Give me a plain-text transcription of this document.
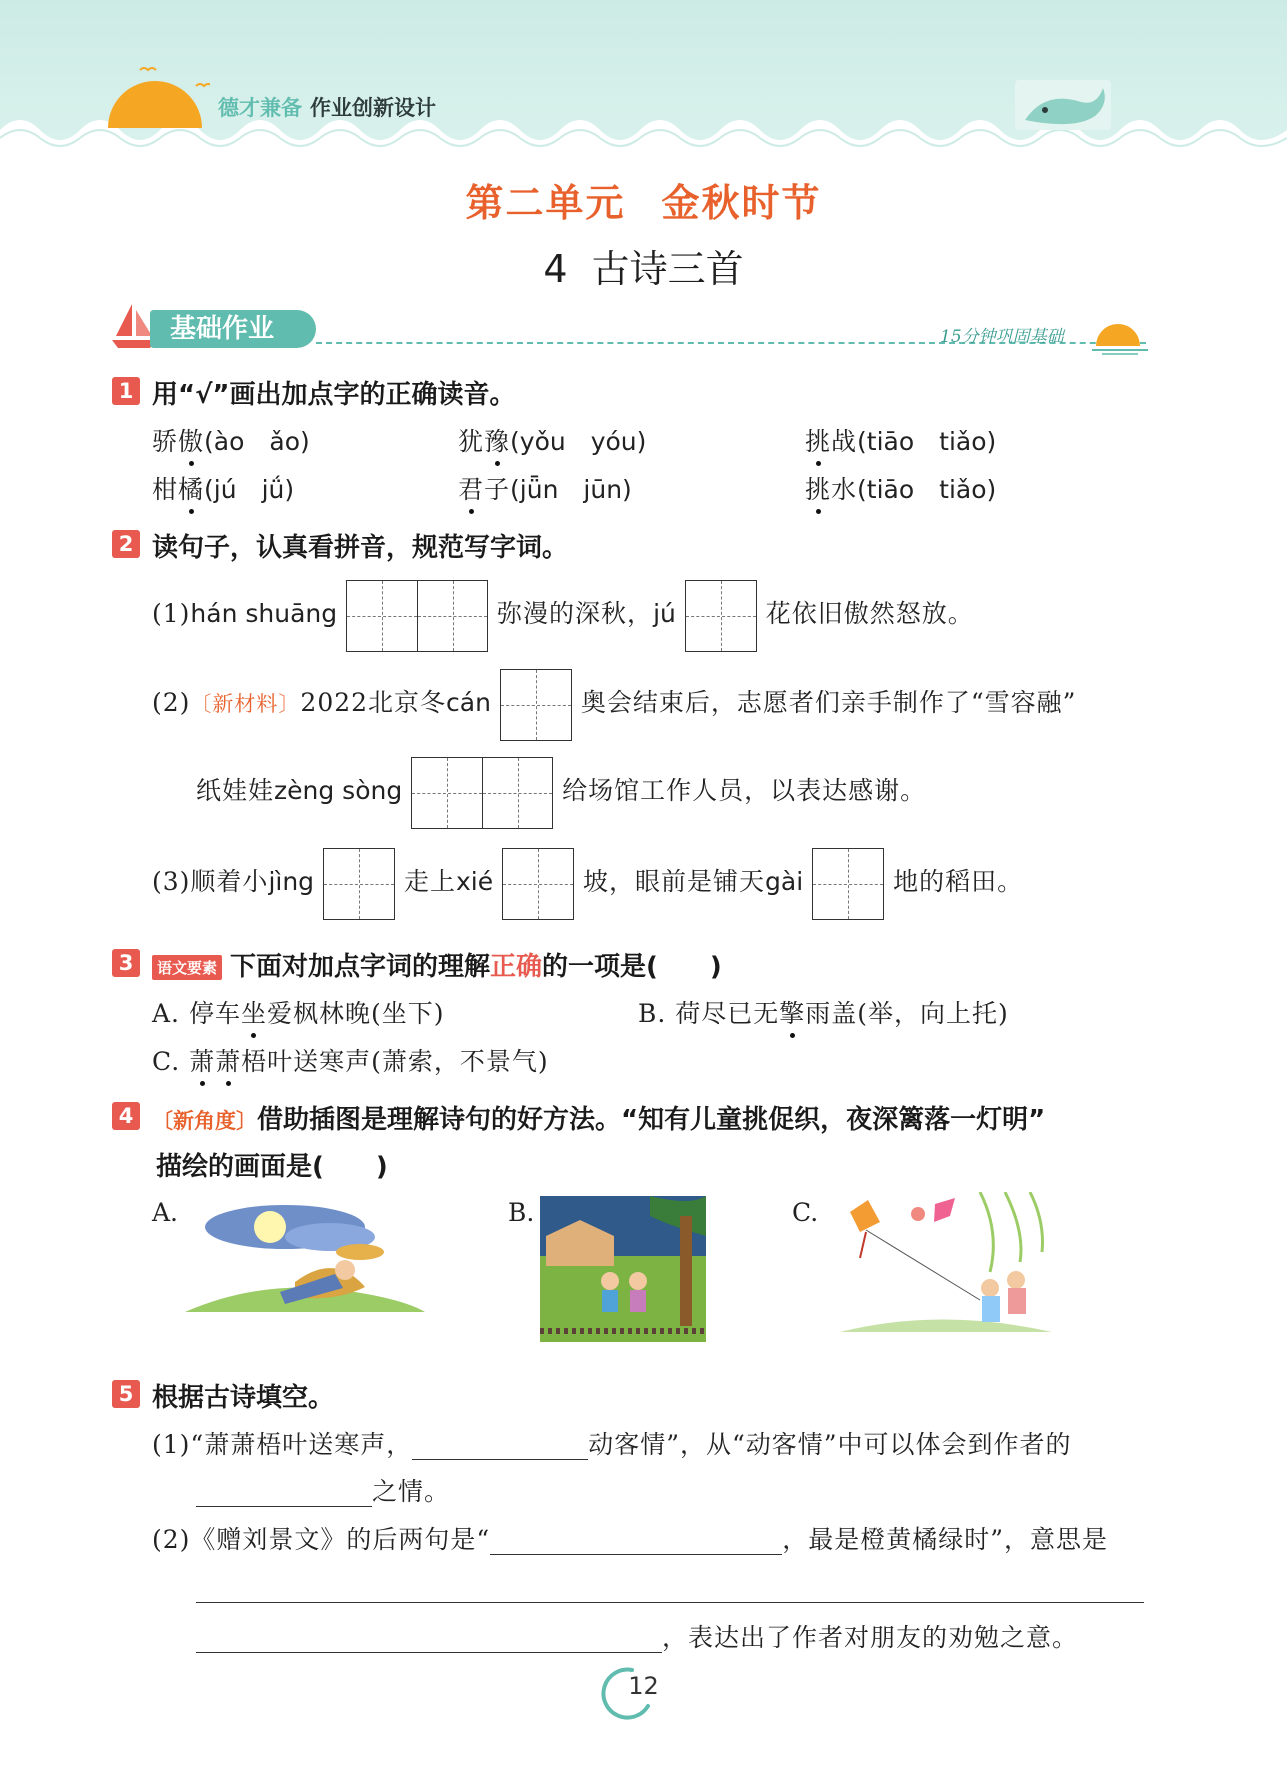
德才兼备 作业创新设计
第二单元 金秋时节
4 古诗三首
基础作业	15分钟巩固基础
1 用“√”画出加点字的正确读音。
骄傲(ào　ǎo)	犹豫(yǒu　yóu)	挑战(tiāo　tiǎo)
柑橘(jú　jǘ)	君子(jǖn　jūn)	挑水(tiāo　tiǎo)
2 读句子，认真看拼音，规范写字词。
(1)hán shuāng	弥漫的深秋，jú	花依旧傲然怒放。
(2)〔新材料〕2022北京冬cán	奥会结束后，志愿者们亲手制作了“雪容融”
纸娃娃zèng sòng	给场馆工作人员，以表达感谢。
(3)顺着小jìng	走上xié	坡，眼前是铺天gài	地的稻田。
3	语文要素 下面对加点字词的理解正确的一项是(　　)
A. 停车坐爱枫林晚(坐下)	B. 荷尽已无擎雨盖(举，向上托)
C. 萧萧梧叶送寒声(萧索，不景气)
4 〔新角度〕借助插图是理解诗句的好方法。“知有儿童挑促织，夜深篱落一灯明”
描绘的画面是(　　)
A.	B.	C.
5 根据古诗填空。
(1)“萧萧梧叶送寒声，	动客情”，从“动客情”中可以体会到作者的
之情。
(2)《赠刘景文》的后两句是“	，最是橙黄橘绿时”，意思是
，表达出了作者对朋友的劝勉之意。
12
